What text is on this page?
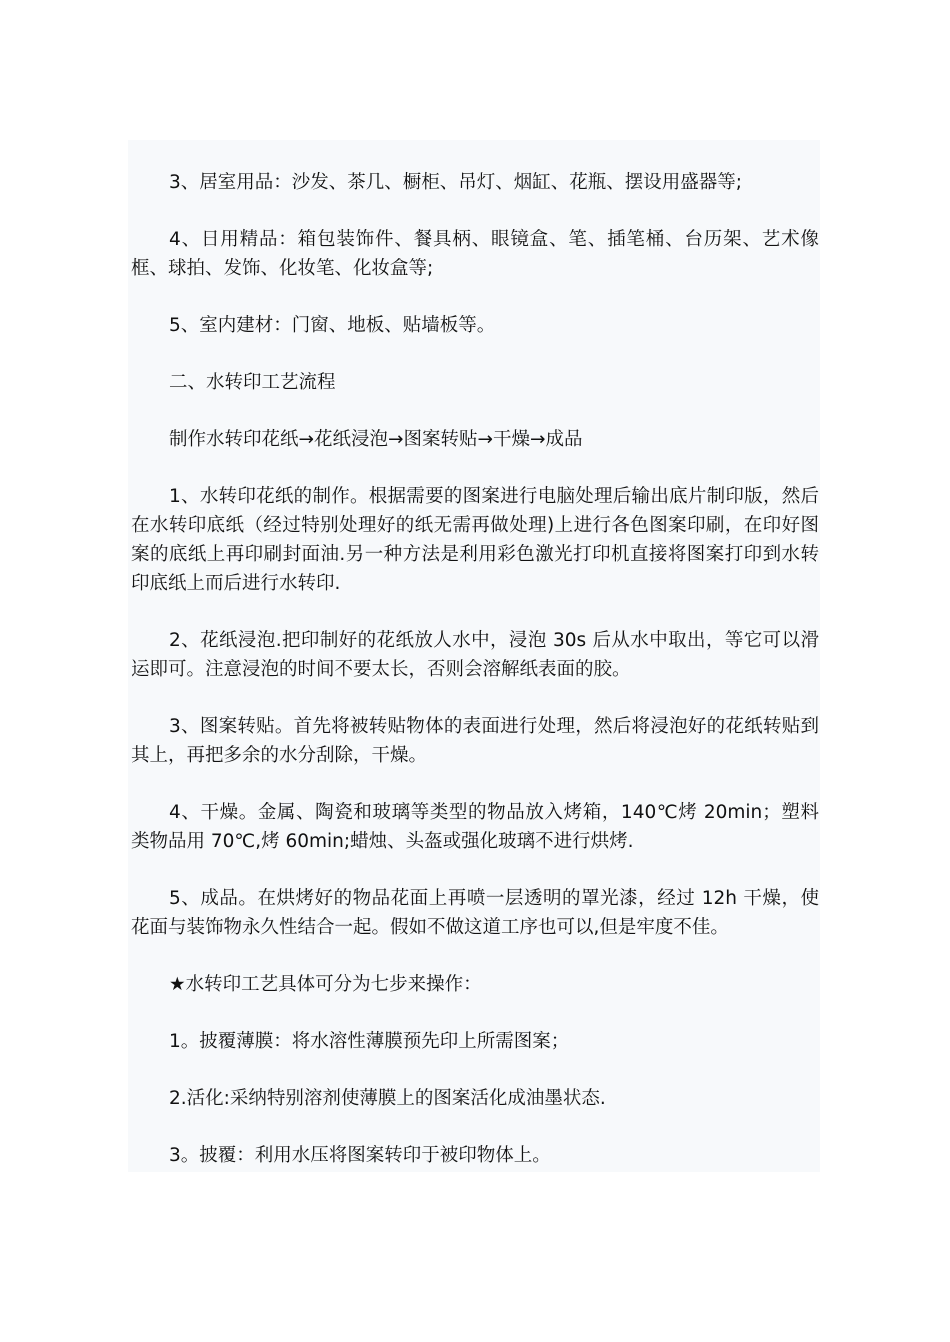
3、居室用品：沙发、茶几、橱柜、吊灯、烟缸、花瓶、摆设用盛器等;

4、日用精品：箱包装饰件、餐具柄、眼镜盒、笔、插笔桶、台历架、艺术像框、球拍、发饰、化妆笔、化妆盒等;

5、室内建材：门窗、地板、贴墙板等。

二、水转印工艺流程

制作水转印花纸→花纸浸泡→图案转贴→干燥→成品

1、水转印花纸的制作。根据需要的图案进行电脑处理后输出底片制印版，然后在水转印底纸（经过特别处理好的纸无需再做处理)上进行各色图案印刷，在印好图案的底纸上再印刷封面油.另一种方法是利用彩色激光打印机直接将图案打印到水转印底纸上而后进行水转印.

2、花纸浸泡.把印制好的花纸放人水中，浸泡 30s 后从水中取出，等它可以滑运即可。注意浸泡的时间不要太长，否则会溶解纸表面的胶。

3、图案转贴。首先将被转贴物体的表面进行处理，然后将浸泡好的花纸转贴到其上，再把多余的水分刮除，干燥。

4、干燥。金属、陶瓷和玻璃等类型的物品放入烤箱，140℃烤 20min；塑料类物品用 70℃,烤 60min;蜡烛、头盔或强化玻璃不进行烘烤.

5、成品。在烘烤好的物品花面上再喷一层透明的罩光漆，经过 12h 干燥，使花面与装饰物永久性结合一起。假如不做这道工序也可以,但是牢度不佳。

★水转印工艺具体可分为七步来操作：

1。披覆薄膜：将水溶性薄膜预先印上所需图案；

2.活化:采纳特别溶剂使薄膜上的图案活化成油墨状态.

3。披覆：利用水压将图案转印于被印物体上。
